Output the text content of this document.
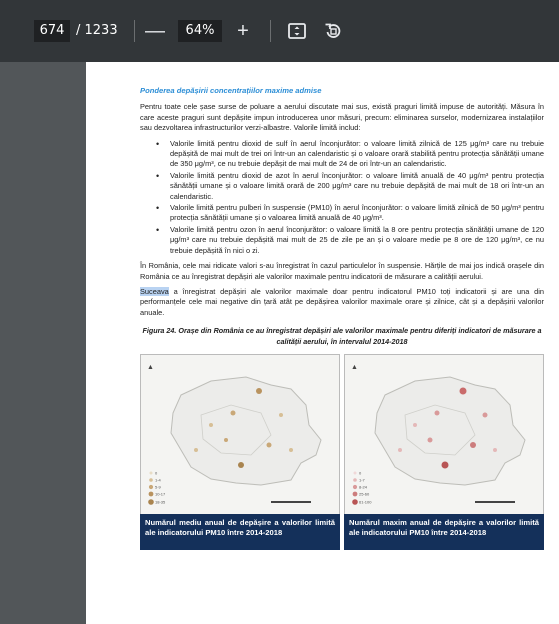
674 / 1233 —	64%	+

Ponderea depășirii concentrațiilor maxime admise

Pentru toate cele șase surse de poluare a aerului discutate mai sus, există praguri limită impuse de autorități. Măsura în care aceste praguri sunt depășite impun introducerea unor măsuri, precum: eliminarea surselor, modernizarea instalațiilor sau dezvoltarea infrastructurilor verzi-albastre. Valorile limită includ:

• Valorile limită pentru dioxid de sulf în aerul înconjurător: o valoare limită zilnică de 125 μg/m³ care nu trebuie depășită de mai mult de trei ori într-un an calendaristic și o valoare orară stabilită pentru protecția sănătății umane de 350 μg/m³, ce nu trebuie depășit de mai mult de 24 de ori într-un an calendaristic.
• Valorile limită pentru dioxid de azot în aerul înconjurător: o valoare limită anuală de 40 μg/m³ pentru protecția sănătății umane și o valoare limită orară de 200 μg/m³ care nu trebuie depășită de mai mult de 18 ori într-un an calendaristic.
• Valorile limită pentru pulberi în suspensie (PM10) în aerul înconjurător: o valoare limită zilnică de 50 μg/m³ pentru protecția sănătății umane și o valoarea limită anuală de 40 μg/m³.
• Valorile limită pentru ozon în aerul înconjurător: o valoare limită la 8 ore pentru protecția sănătății umane de 120 μg/m³ care nu trebuie depășită mai mult de 25 de zile pe an și o valoare medie pe 8 ore de 120 μg/m³, ce nu trebuie depășită în nici o zi.

În România, cele mai ridicate valori s-au înregistrat în cazul particulelor în suspensie. Hărțile de mai jos indică orașele din România ce au înregistrat depășiri ale valorilor maximale pentru indicatorii de măsurare a calității aerului.

Suceava a înregistrat depășiri ale valorilor maximale doar pentru indicatorul PM10 toți indicatorii și are una din performanțele cele mai negative din țară atât pe depășirea valorilor maximale orare și zilnice, cât și a depășirii valorilor anuale.

Figura 24. Orașe din România ce au înregistrat depășiri ale valorilor maximale pentru diferiți indicatori de măsurare a calității aerului, în intervalul 2014-2018

0
1-4
5-9
10-17
18-35
▲
Numărul mediu anual de depășire a valorilor limită ale indicatorului PM10 între 2014-2018
0
1-7
8-24
25-60
61-100
▲
Numărul maxim anual de depășire a valorilor limită ale indicatorului PM10 între 2014-2018
